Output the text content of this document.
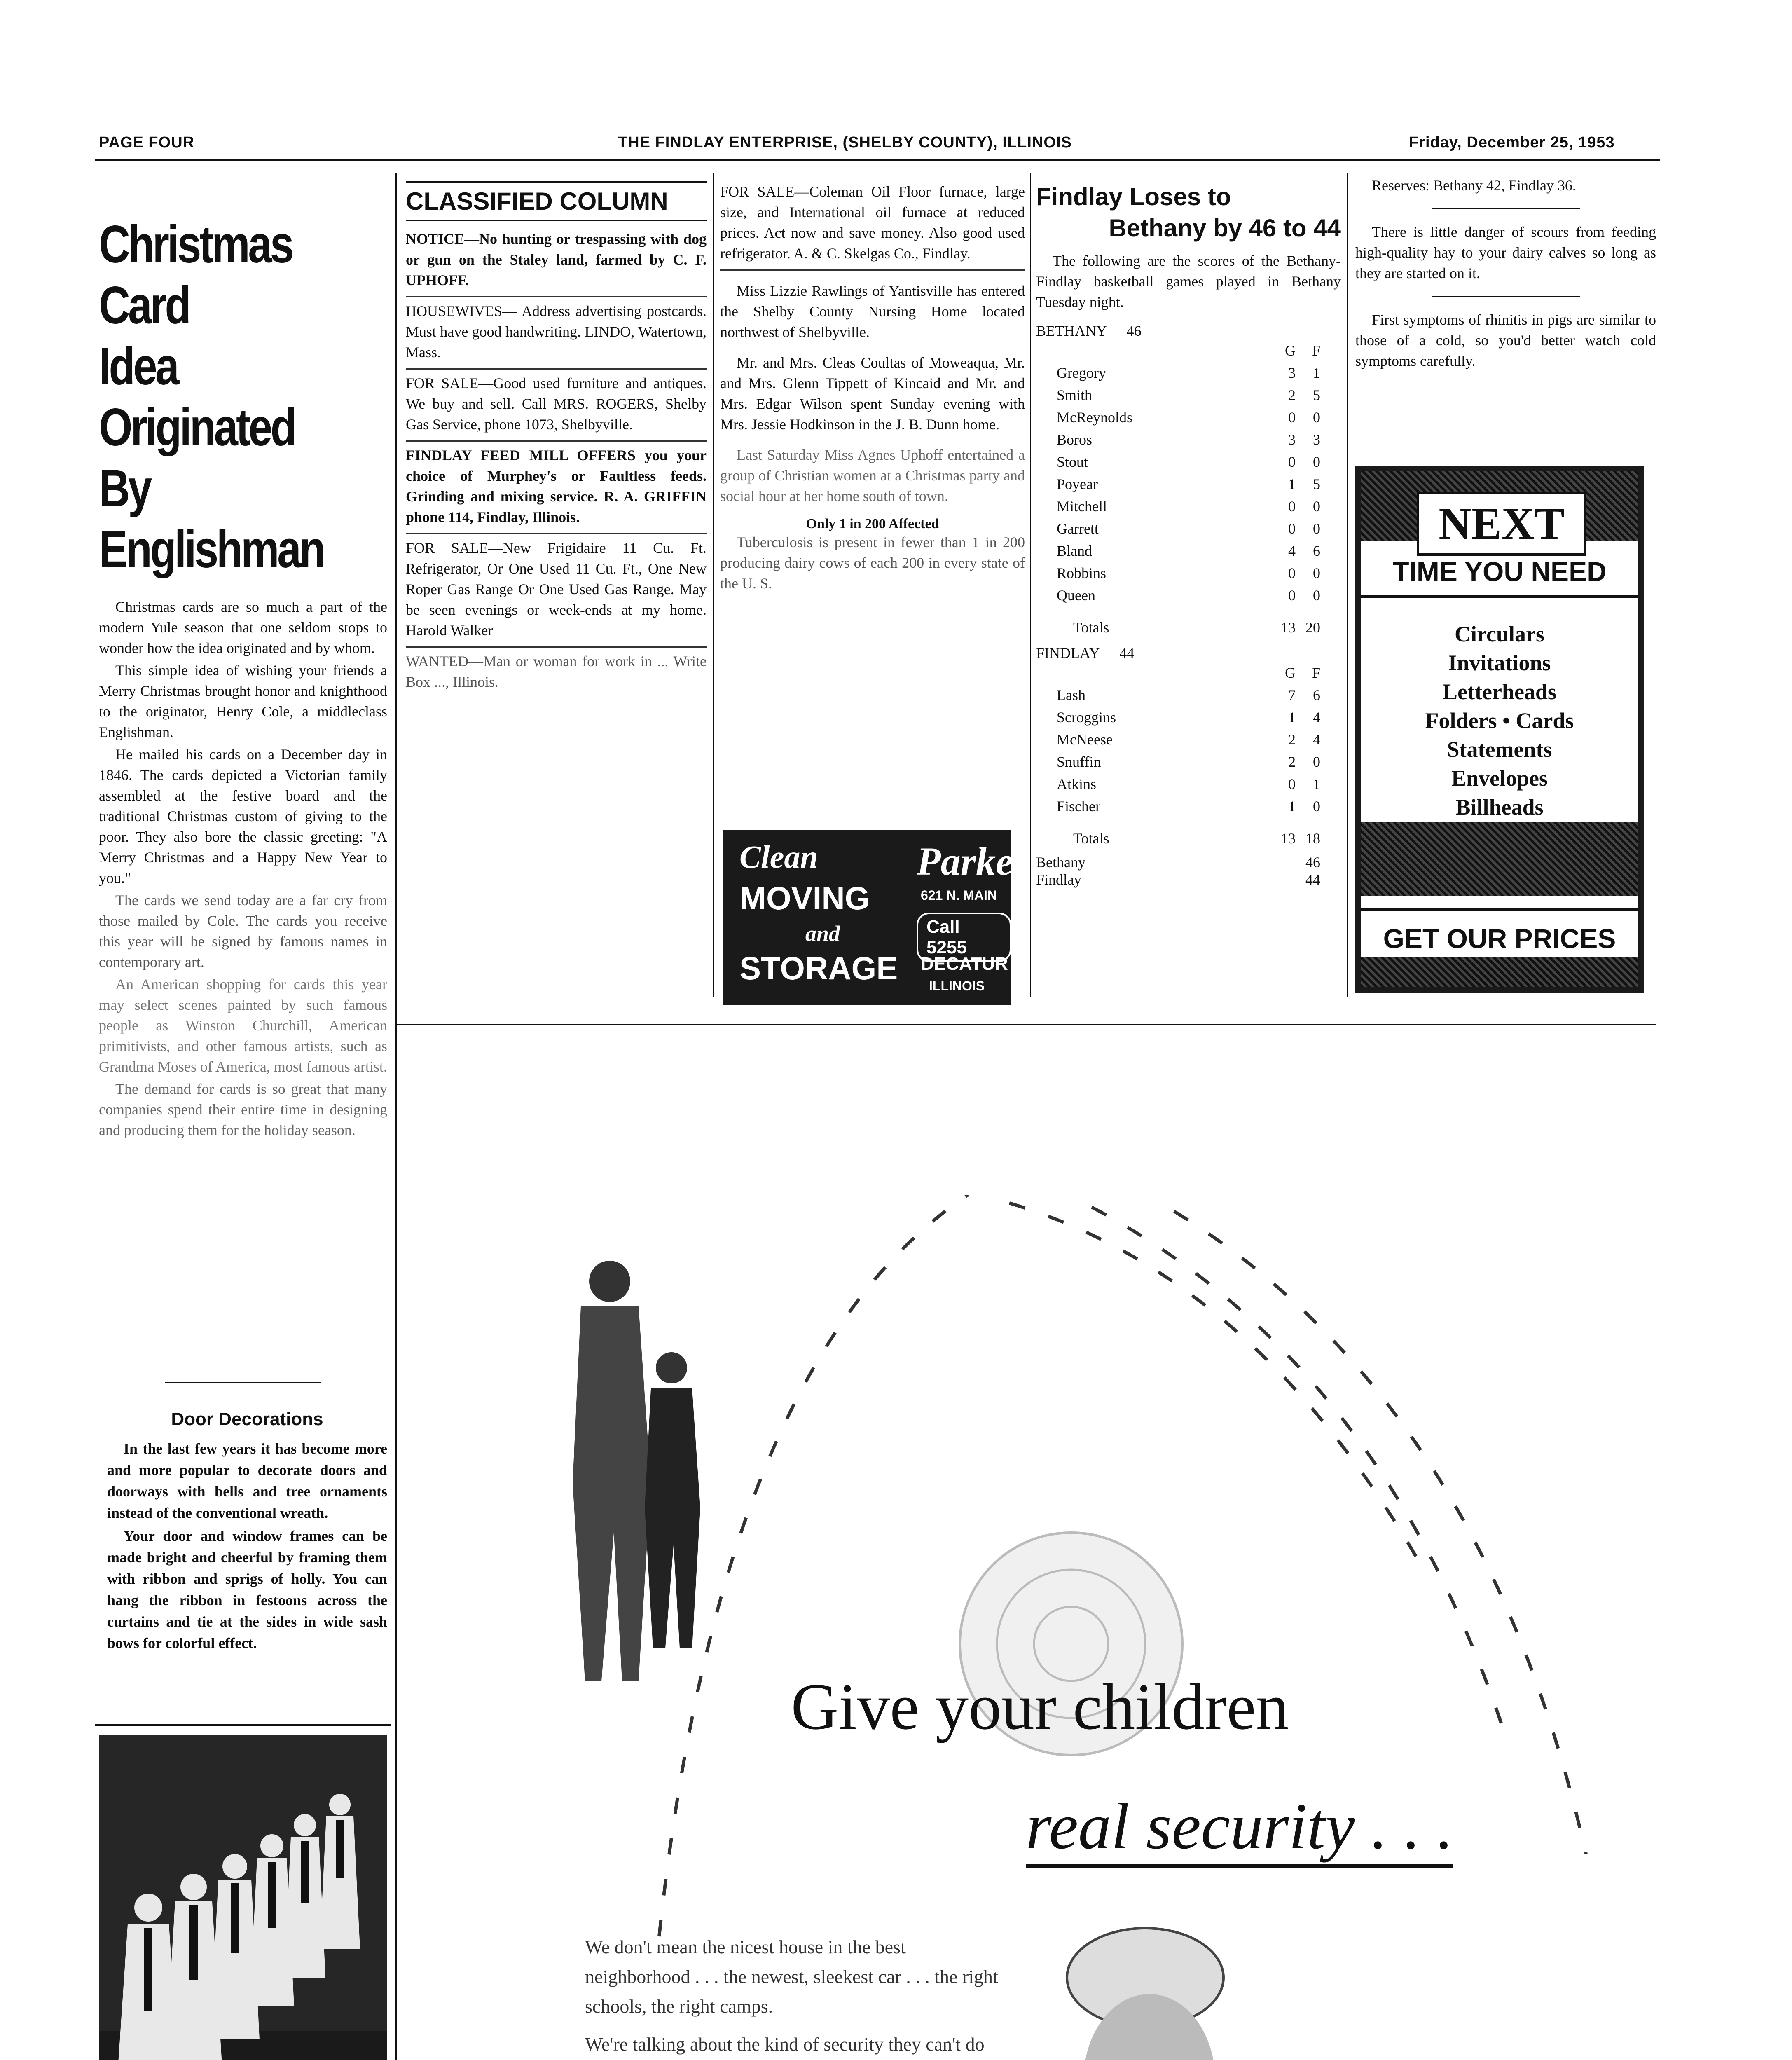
PAGE FOUR	THE FINDLAY ENTERPRISE, (SHELBY COUNTY), ILLINOIS	Friday, December 25, 1953
Christmas Card
Idea Originated
By Englishman

Christmas cards are so much a part of the modern Yule season that one seldom stops to wonder how the idea originated and by whom.

This simple idea of wishing your friends a Merry Christmas brought honor and knighthood to the originator, Henry Cole, a middleclass Englishman.

He mailed his cards on a December day in 1846. The cards depicted a Victorian family assembled at the festive board and the traditional Christmas custom of giving to the poor. They also bore the classic greeting: "A Merry Christmas and a Happy New Year to you."

The cards we send today are a far cry from those mailed by Cole. The cards you receive this year will be signed by famous names in contemporary art.

An American shopping for cards this year may select scenes painted by such famous people as Winston Churchill, American primitivists, and other famous artists, such as Grandma Moses of America, most famous artist.

The demand for cards is so great that many companies spend their entire time in designing and producing them for the holiday season.

Door Decorations

In the last few years it has become more and more popular to decorate doors and doorways with bells and tree ornaments instead of the conventional wreath.

Your door and window frames can be made bright and cheerful by framing them with ribbon and sprigs of holly. You can hang the ribbon in festoons across the curtains and tie at the sides in wide sash bows for colorful effect.

CLASSIFIED COLUMN

NOTICE—No hunting or trespassing with dog or gun on the Staley land, farmed by C. F. UPHOFF.

HOUSEWIVES— Address advertising postcards. Must have good handwriting. LINDO, Watertown, Mass.

FOR SALE—Good used furniture and antiques. We buy and sell. Call MRS. ROGERS, Shelby Gas Service, phone 1073, Shelbyville.

FINDLAY FEED MILL OFFERS you your choice of Murphey's or Faultless feeds. Grinding and mixing service. R. A. GRIFFIN phone 114, Findlay, Illinois.

FOR SALE—New Frigidaire 11 Cu. Ft. Refrigerator, Or One Used 11 Cu. Ft., One New Roper Gas Range Or One Used Gas Range. May be seen evenings or week-ends at my home. Harold Walker

WANTED—Man or woman for work in ... Write Box ..., Illinois.

FOR SALE—Coleman Oil Floor furnace, large size, and International oil furnace at reduced prices. Act now and save money. Also good used refrigerator. A. & C. Skelgas Co., Findlay.

Miss Lizzie Rawlings of Yantisville has entered the Shelby County Nursing Home located northwest of Shelbyville.

Mr. and Mrs. Cleas Coultas of Moweaqua, Mr. and Mrs. Glenn Tippett of Kincaid and Mr. and Mrs. Edgar Wilson spent Sunday evening with Mrs. Jessie Hodkinson in the J. B. Dunn home.

Last Saturday Miss Agnes Uphoff entertained a group of Christian women at a Christmas party and social hour at her home south of town.

Only 1 in 200 Affected

Tuberculosis is present in fewer than 1 in 200 producing dairy cows of each 200 in every state of the U. S.

Clean
MOVING
and
STORAGE
Parke
621 N. MAIN
Call 5255
DECATUR
ILLINOIS
Findlay Loses to
Bethany by 46 to 44
The following are the scores of the Bethany-Findlay basketball games played in Bethany Tuesday night.
BETHANY 46
	G	F
Gregory	3	1
Smith	2	5
McReynolds	0	0
Boros	3	3
Stout	0	0
Poyear	1	5
Mitchell	0	0
Garrett	0	0
Bland	4	6
Robbins	0	0
Queen	0	0
Totals	13	20
FINDLAY 44
	G	F
Lash	7	6
Scroggins	1	4
McNeese	2	4
Snuffin	2	0
Atkins	0	1
Fischer	1	0
Totals	13	18
Bethany	46
Findlay	44

Reserves: Bethany 42, Findlay 36.

There is little danger of scours from feeding high-quality hay to your dairy calves so long as they are started on it.

First symptoms of rhinitis in pigs are similar to those of a cold, so you'd better watch cold symptoms carefully.

NEXT
TIME YOU NEED
Circulars
Invitations
Letterheads
Folders • Cards
Statements
Envelopes
Billheads
GET OUR PRICES
Give your children
real security . . .

We don't mean the nicest house in the best neighborhood . . . the newest, sleekest car . . . the right schools, the right camps.

We're talking about the kind of security they can't do
